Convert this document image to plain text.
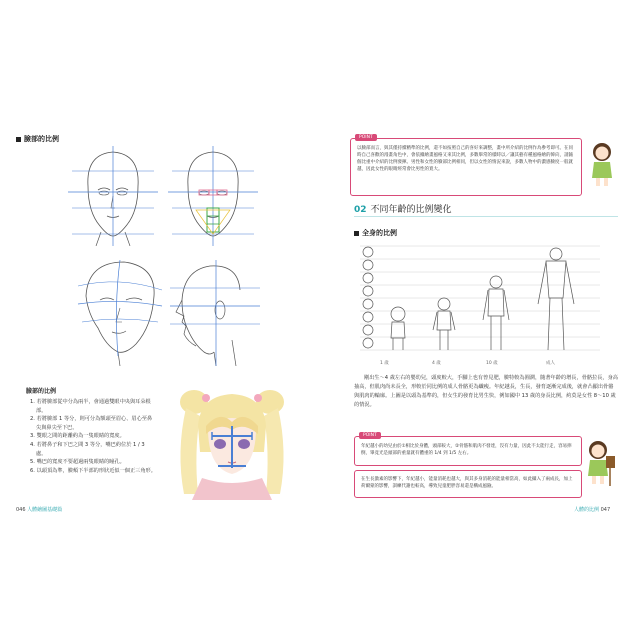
臉部的比例
臉部的比例
1. 若將臉部從中分為兩半，會通過雙眼中央與耳朵根部。
2. 若將臉部 1 等分，則可分為額頭至眉心、眉心至鼻尖與鼻尖至下巴。
3. 雙眼之間的距離約為一隻眼睛的寬度。
4. 若將鼻子和下巴之間 3 等分，嘴巴約位於 1 / 3 處。
5. 嘴巴的寬度不要超過兩隻眼睛的瞳孔。
6. 以頭頂為準，臉頰下半部的形狀近似一個正三角形。
046 人體繪圖基礎篇
POINT
以臉部而言，與其僅持續精準的比例，還不如按照自己的喜好來調整，畫中所介紹的比例作為參考即可。在同時自己喜歡的漫畫角色中，會依據繪畫風格又來其比例，多數畢常的樣時以／讓其藝有種風格繪的韓向，請隨個比重中介紹的比例發揮。男性和女性的臉部比例相同，但以女性的情況來說，多數人物中的濃感臉度一般就越，因此女性的眼睛經常會比男性的寬大。
02 不同年齡的比例變化
全身的比例
1 歲	4 歲	10 歲	成人
剛出生～4 歲左右的嬰幼兒，頭度較大，手腳上也有曾見肥，臉特較為圓潤，隨著年齡的增長，骨骼拉長，身高抽高，但肌肉尚未長全，形較於同比例的成人骨骼更為纖瘦。年紀越長，生長，發育逐漸完成後，就會凸顯出骨骼與肌肉的輪廓。上圖是以頭為基準的，但女生的發育比男生快，例如國中 13 歲的身長比例，約莫是女性 8～10 歲的情況。
POINT
年紀越小的幼兒由於①相比於身體，頭部較大，②骨骼和肌肉不發達，沒有力量，因此不太能行走，容易摔倒，畢竟光是頭部的重量就有體重的 1/4 到 1/5 左右。
在生長激素的影響下，年紀越小，能量消耗也越大，與其多身消耗的能量相當高，如此攝入了兩成長，加上荷爾蒙的影響，訓練代謝也較高，導致兒童肥胖容易還是構成風險。
人體的比例 047
